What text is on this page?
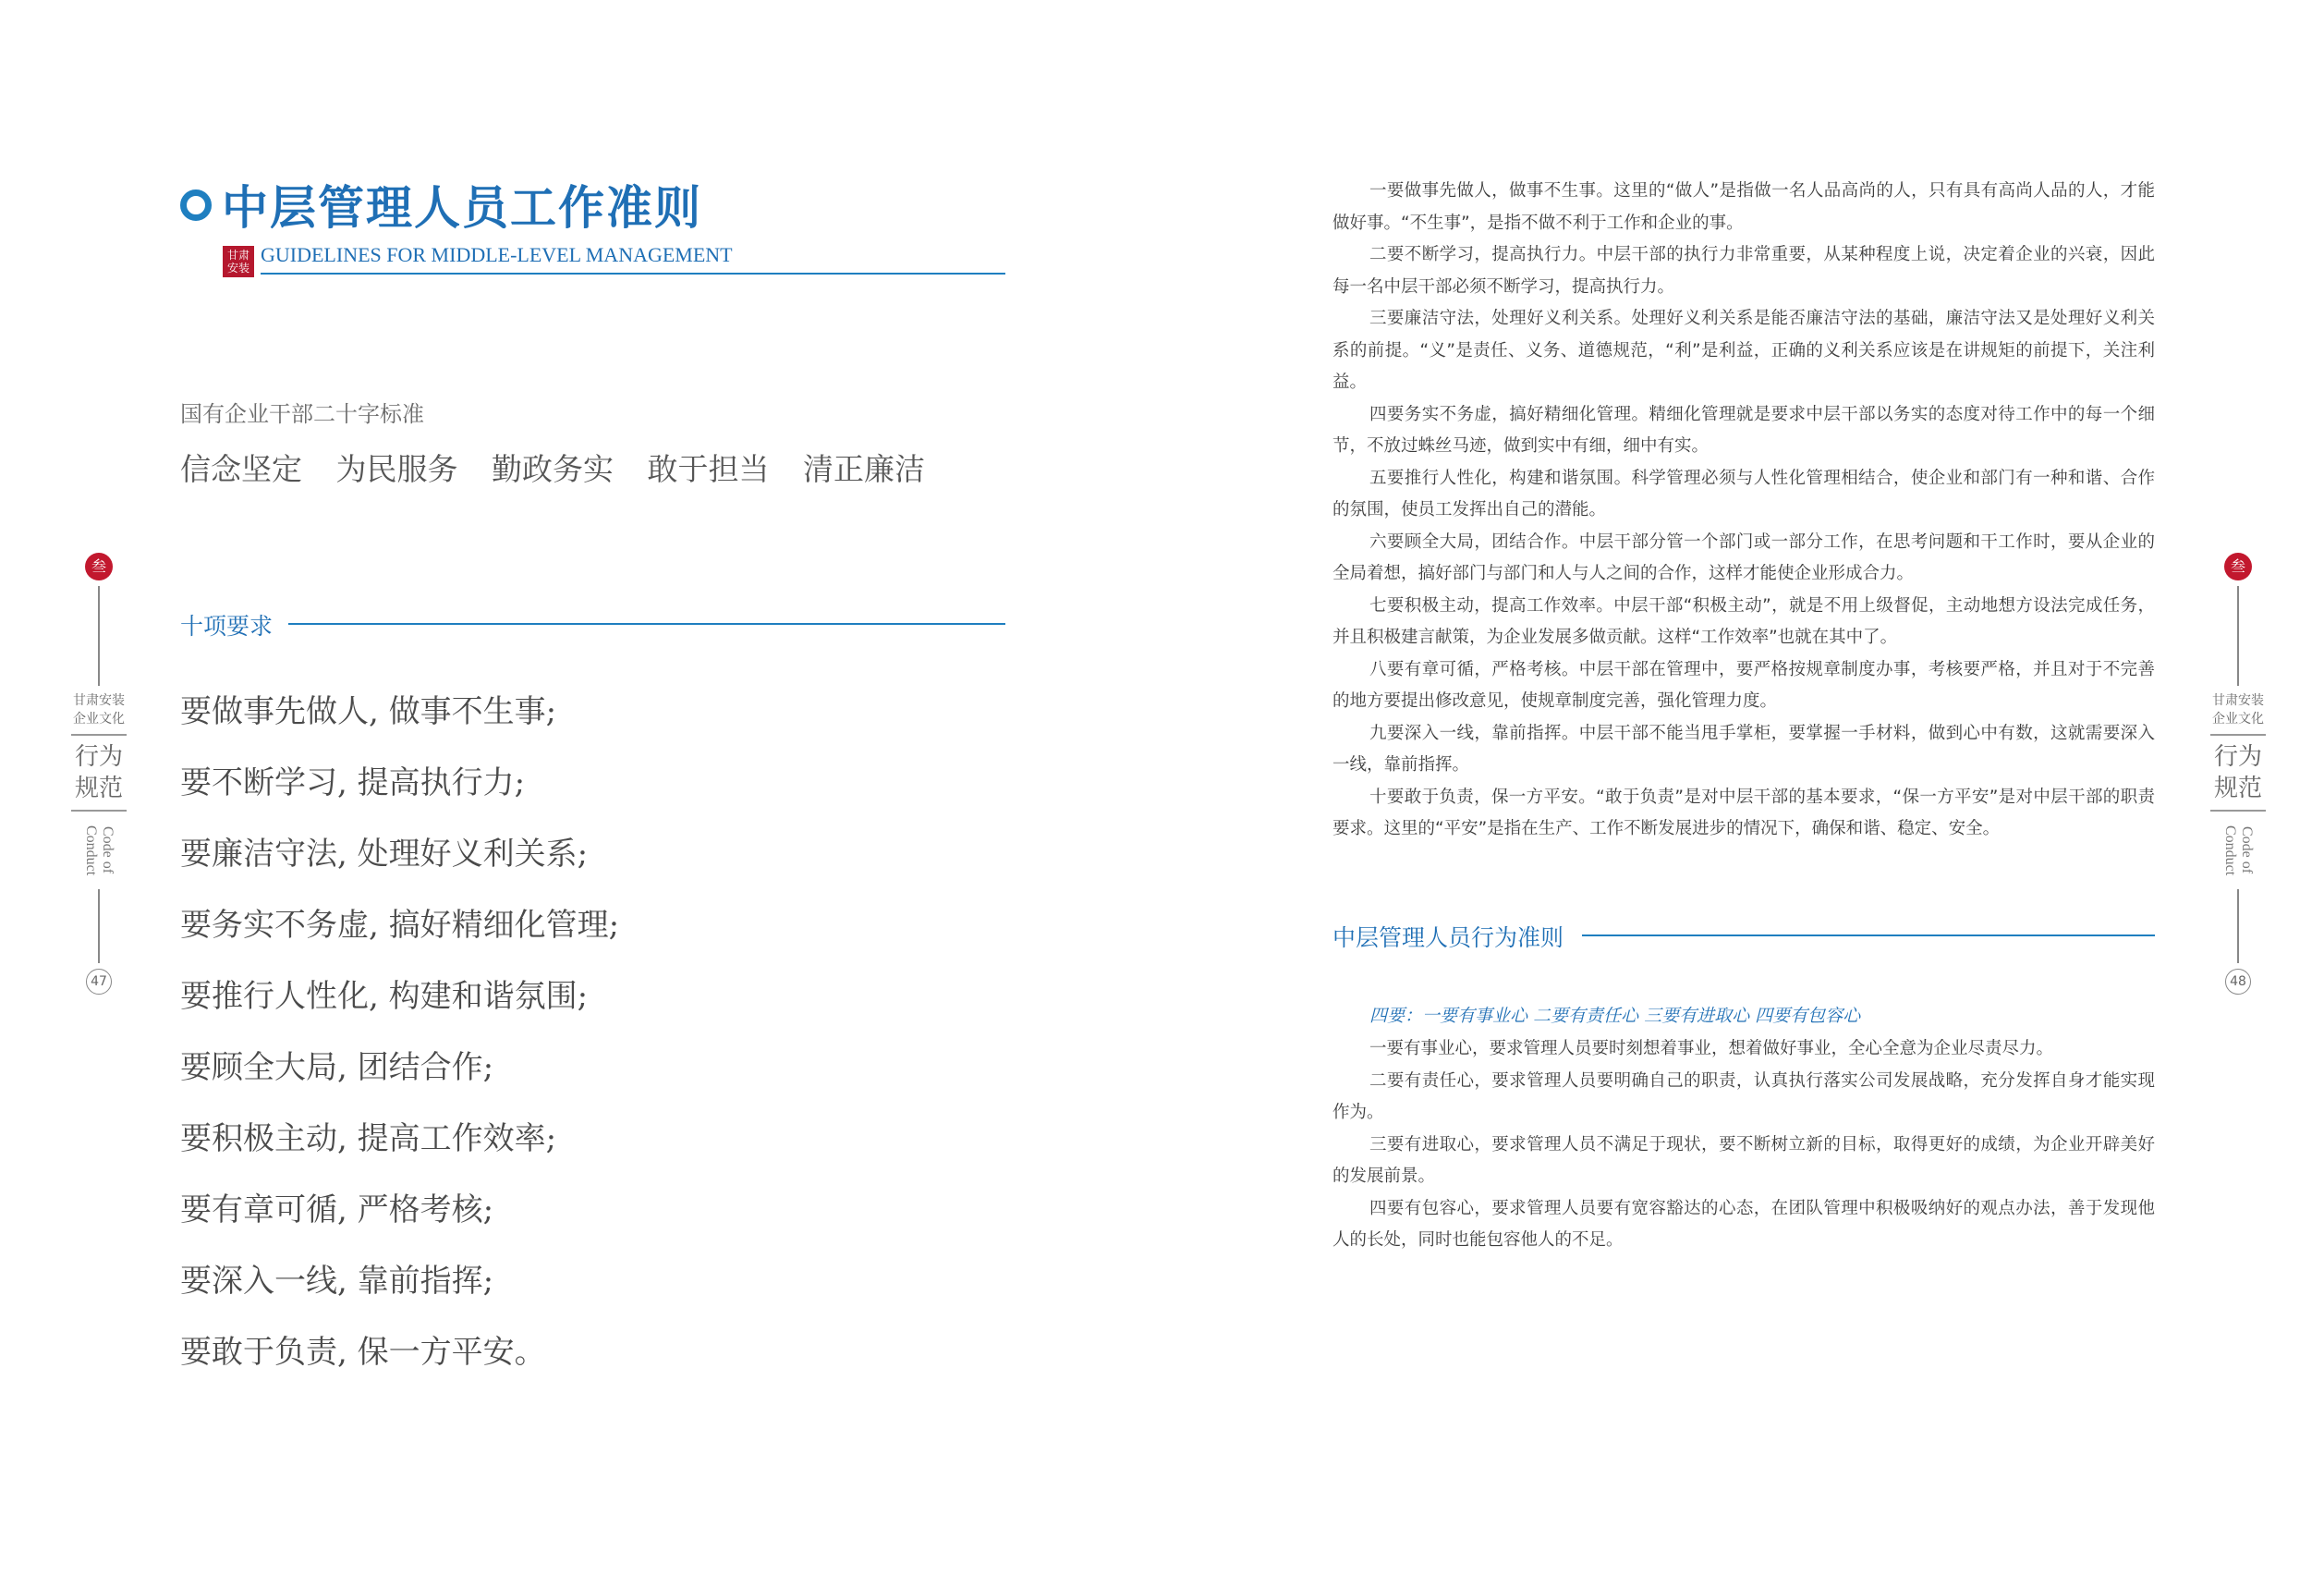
中层管理人员工作准则
甘肃
安装
GUIDELINES FOR MIDDLE-LEVEL MANAGEMENT
国有企业干部二十字标准
信念坚定 为民服务 勤政务实 敢于担当 清正廉洁
十项要求
要做事先做人, 做事不生事;
要不断学习, 提高执行力;
要廉洁守法, 处理好义利关系;
要务实不务虚, 搞好精细化管理;
要推行人性化, 构建和谐氛围;
要顾全大局, 团结合作;
要积极主动, 提高工作效率;
要有章可循, 严格考核;
要深入一线, 靠前指挥;
要敢于负责, 保一方平安。
叁
甘肃安装
企业文化
行为
规范
Code of Conduct
47
叁
甘肃安装
企业文化
行为
规范
Code of Conduct
48

一要做事先做人，做事不生事。这里的“做人”是指做一名人品高尚的人，只有具有高尚人品的人，才能做好事。“不生事”，是指不做不利于工作和企业的事。

二要不断学习，提高执行力。中层干部的执行力非常重要，从某种程度上说，决定着企业的兴衰，因此每一名中层干部必须不断学习，提高执行力。

三要廉洁守法，处理好义利关系。处理好义利关系是能否廉洁守法的基础，廉洁守法又是处理好义利关系的前提。“义”是责任、义务、道德规范，“利”是利益，正确的义利关系应该是在讲规矩的前提下，关注利益。

四要务实不务虚，搞好精细化管理。精细化管理就是要求中层干部以务实的态度对待工作中的每一个细节，不放过蛛丝马迹，做到实中有细，细中有实。

五要推行人性化，构建和谐氛围。科学管理必须与人性化管理相结合，使企业和部门有一种和谐、合作的氛围，使员工发挥出自己的潜能。

六要顾全大局，团结合作。中层干部分管一个部门或一部分工作，在思考问题和干工作时，要从企业的全局着想，搞好部门与部门和人与人之间的合作，这样才能使企业形成合力。

七要积极主动，提高工作效率。中层干部“积极主动”，就是不用上级督促，主动地想方设法完成任务，并且积极建言献策，为企业发展多做贡献。这样“工作效率”也就在其中了。

八要有章可循，严格考核。中层干部在管理中，要严格按规章制度办事，考核要严格，并且对于不完善的地方要提出修改意见，使规章制度完善，强化管理力度。

九要深入一线，靠前指挥。中层干部不能当甩手掌柜，要掌握一手材料，做到心中有数，这就需要深入一线，靠前指挥。

十要敢于负责，保一方平安。“敢于负责”是对中层干部的基本要求，“保一方平安”是对中层干部的职责要求。这里的“平安”是指在生产、工作不断发展进步的情况下，确保和谐、稳定、安全。

中层管理人员行为准则
四要：一要有事业心 二要有责任心 三要有进取心 四要有包容心

一要有事业心，要求管理人员要时刻想着事业，想着做好事业，全心全意为企业尽责尽力。

二要有责任心，要求管理人员要明确自己的职责，认真执行落实公司发展战略，充分发挥自身才能实现作为。

三要有进取心，要求管理人员不满足于现状，要不断树立新的目标，取得更好的成绩，为企业开辟美好的发展前景。

四要有包容心，要求管理人员要有宽容豁达的心态，在团队管理中积极吸纳好的观点办法，善于发现他人的长处，同时也能包容他人的不足。
